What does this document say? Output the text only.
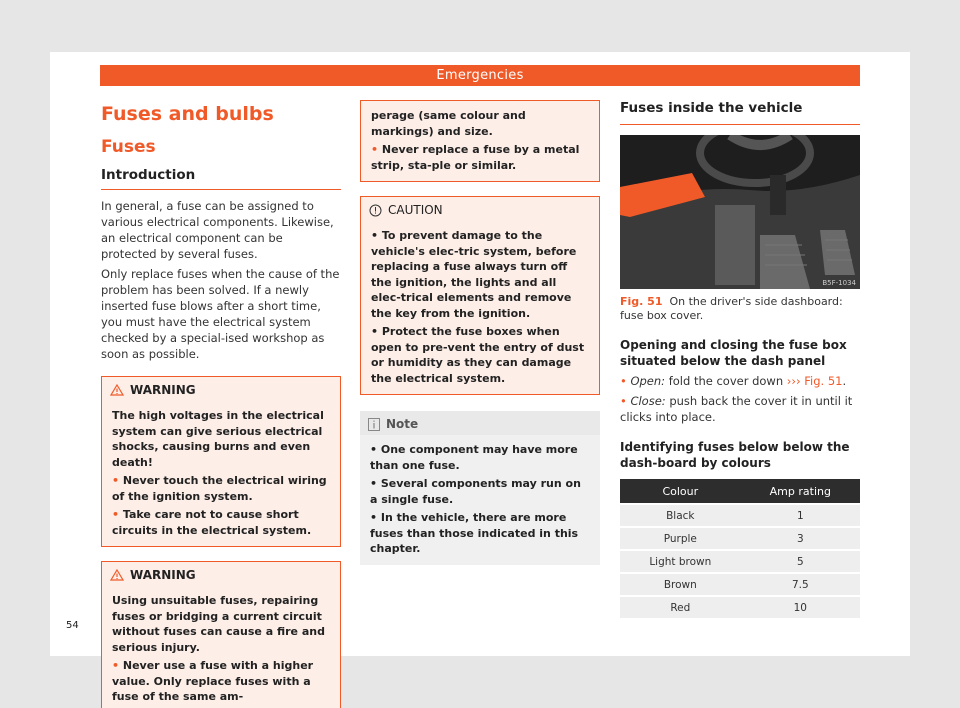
Emergencies
Fuses and bulbs
Fuses
Introduction

In general, a fuse can be assigned to various electrical components. Likewise, an electrical component can be protected by several fuses.

Only replace fuses when the cause of the problem has been solved. If a newly inserted fuse blows after a short time, you must have the electrical system checked by a special-ised workshop as soon as possible.

WARNING

The high voltages in the electrical system can give serious electrical shocks, causing burns and even death!

• Never touch the electrical wiring of the ignition system.

• Take care not to cause short circuits in the electrical system.

WARNING

Using unsuitable fuses, repairing fuses or bridging a current circuit without fuses can cause a fire and serious injury.

• Never use a fuse with a higher value. Only replace fuses with a fuse of the same am-

perage (same colour and markings) and size.

• Never replace a fuse by a metal strip, sta-ple or similar.

CAUTION

• To prevent damage to the vehicle's elec-tric system, before replacing a fuse always turn off the ignition, the lights and all elec-trical elements and remove the key from the ignition.

• Protect the fuse boxes when open to pre-vent the entry of dust or humidity as they can damage the electrical system.

Note

• One component may have more than one fuse.

• Several components may run on a single fuse.

• In the vehicle, there are more fuses than those indicated in this chapter.

Fuses inside the vehicle
B5F-1034
Fig. 51 On the driver's side dashboard: fuse box cover.
Opening and closing the fuse box situated below the dash panel
• Open: fold the cover down ››› Fig. 51.
• Close: push back the cover it in until it clicks into place.
Identifying fuses below below the dash-board by colours
Colour	Amp rating
Black	1
Purple	3
Light brown	5
Brown	7.5
Red	10
54
